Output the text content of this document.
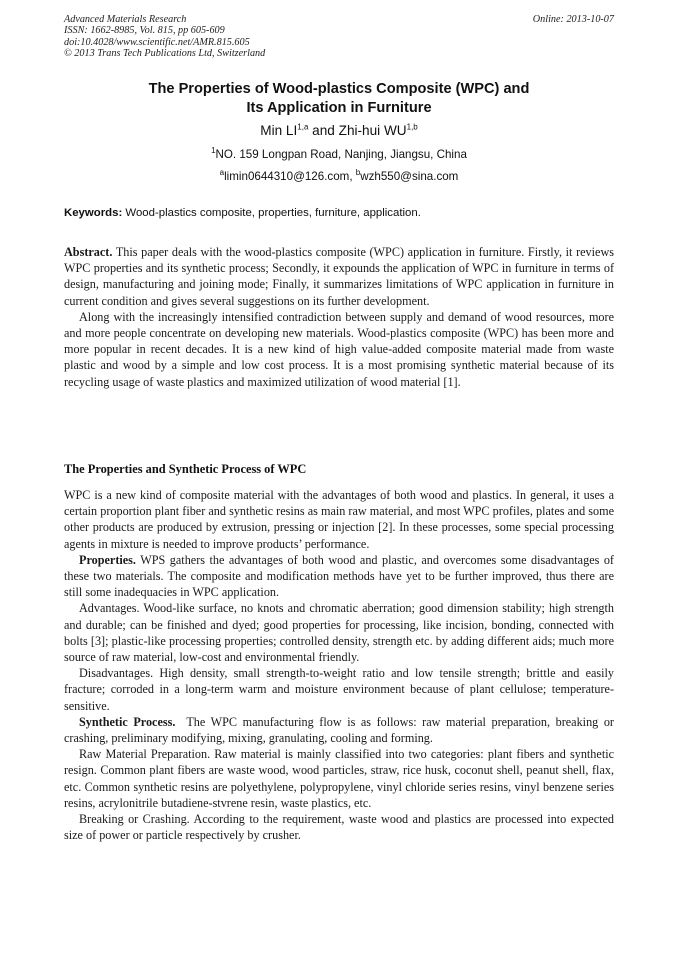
Advanced Materials Research
ISSN: 1662-8985, Vol. 815, pp 605-609
doi:10.4028/www.scientific.net/AMR.815.605
© 2013 Trans Tech Publications Ltd, Switzerland
Online: 2013-10-07
The Properties of Wood-plastics Composite (WPC) and
Its Application in Furniture
Min LI$^{1,a}$ and Zhi-hui WU$^{1,b}$
$^1$NO. 159 Longpan Road, Nanjing, Jiangsu, China
$^a$limin0644310@126.com, $^b$wzh550@sina.com
Keywords: Wood-plastics composite, properties, furniture, application.

Abstract. This paper deals with the wood-plastics composite (WPC) application in furniture. Firstly, it reviews WPC properties and its synthetic process; Secondly, it expounds the application of WPC in furniture in terms of design, manufacturing and joining mode; Finally, it summarizes limitations of WPC application in furniture in current condition and gives several suggestions on its further development.

Along with the increasingly intensified contradiction between supply and demand of wood resources, more and more people concentrate on developing new materials. Wood-plastics composite (WPC) has been more and more popular in recent decades. It is a new kind of high value-added composite material made from waste plastic and wood by a simple and low cost process. It is a most promising synthetic material because of its recycling usage of waste plastics and maximized utilization of wood material [1].

The Properties and Synthetic Process of WPC

WPC is a new kind of composite material with the advantages of both wood and plastics. In general, it uses a certain proportion plant fiber and synthetic resins as main raw material, and most WPC profiles, plates and some other products are produced by extrusion, pressing or injection [2]. In these processes, some special processing agents in mixture is needed to improve products’ performance.

Properties. WPS gathers the advantages of both wood and plastic, and overcomes some disadvantages of these two materials. The composite and modification methods have yet to be further improved, thus there are still some inadequacies in WPC application.

Advantages. Wood-like surface, no knots and chromatic aberration; good dimension stability; high strength and durable; can be finished and dyed; good properties for processing, like incision, bonding, connected with bolts [3]; plastic-like processing properties; controlled density, strength etc. by adding different aids; much more source of raw material, low-cost and environmental friendly.

Disadvantages. High density, small strength-to-weight ratio and low tensile strength; brittle and easily fracture; corroded in a long-term warm and moisture environment because of plant cellulose; temperature-sensitive.

Synthetic Process.  The WPC manufacturing flow is as follows: raw material preparation, breaking or crashing, preliminary modifying, mixing, granulating, cooling and forming.

Raw Material Preparation. Raw material is mainly classified into two categories: plant fibers and synthetic resign. Common plant fibers are waste wood, wood particles, straw, rice husk, coconut shell, peanut shell, flax, etc. Common synthetic resins are polyethylene, polypropylene, vinyl chloride series resins, vinyl benzene series resins, acrylonitrile butadiene-stvrene resin, waste plastics, etc.

Breaking or Crashing. According to the requirement, waste wood and plastics are processed into expected size of power or particle respectively by crusher.
